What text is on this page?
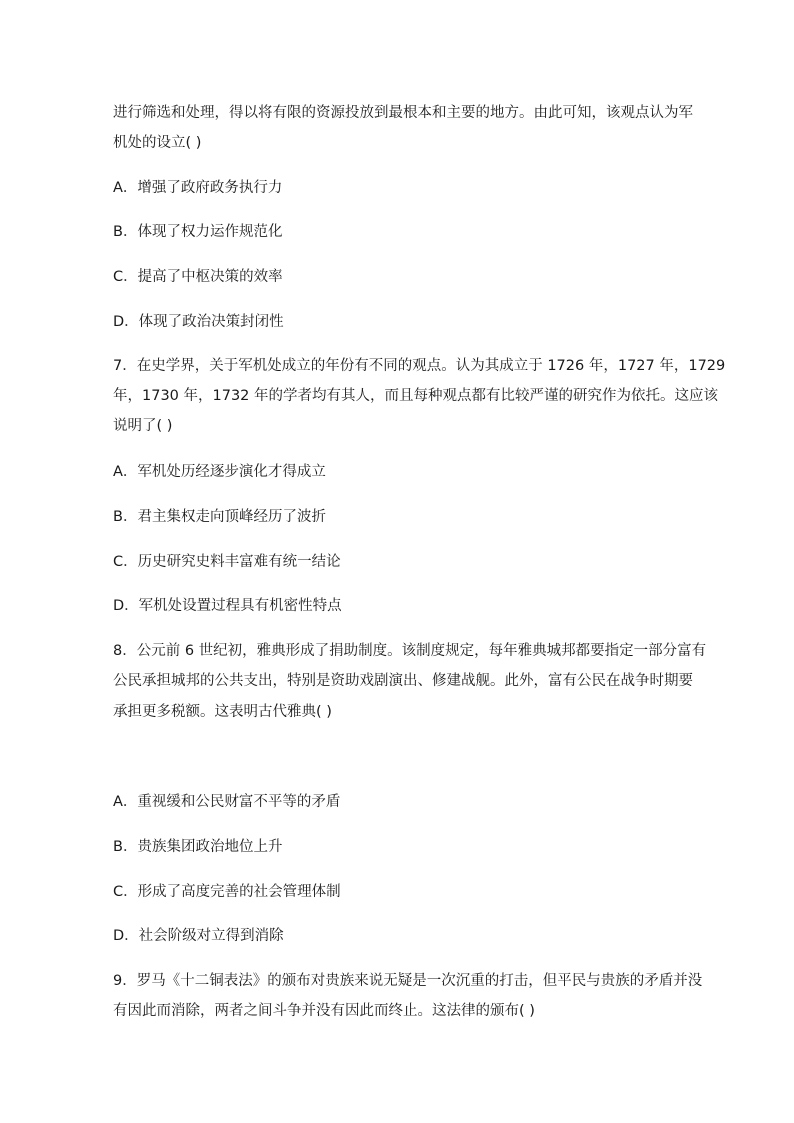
进行筛选和处理，得以将有限的资源投放到最根本和主要的地方。由此可知，该观点认为军
机处的设立( )
A．增强了政府政务执行力
B．体现了权力运作规范化
C．提高了中枢决策的效率
D．体现了政治决策封闭性
7．在史学界，关于军机处成立的年份有不同的观点。认为其成立于 1726 年，1727 年，1729
年，1730 年，1732 年的学者均有其人，而且每种观点都有比较严谨的研究作为依托。这应该
说明了( )
A．军机处历经逐步演化才得成立
B．君主集权走向顶峰经历了波折
C．历史研究史料丰富难有统一结论
D．军机处设置过程具有机密性特点
8．公元前 6 世纪初，雅典形成了捐助制度。该制度规定，每年雅典城邦都要指定一部分富有
公民承担城邦的公共支出，特别是资助戏剧演出、修建战舰。此外，富有公民在战争时期要
承担更多税额。这表明古代雅典( )
A．重视缓和公民财富不平等的矛盾
B．贵族集团政治地位上升
C．形成了高度完善的社会管理体制
D．社会阶级对立得到消除
9．罗马《十二铜表法》的颁布对贵族来说无疑是一次沉重的打击，但平民与贵族的矛盾并没
有因此而消除，两者之间斗争并没有因此而终止。这法律的颁布( )
